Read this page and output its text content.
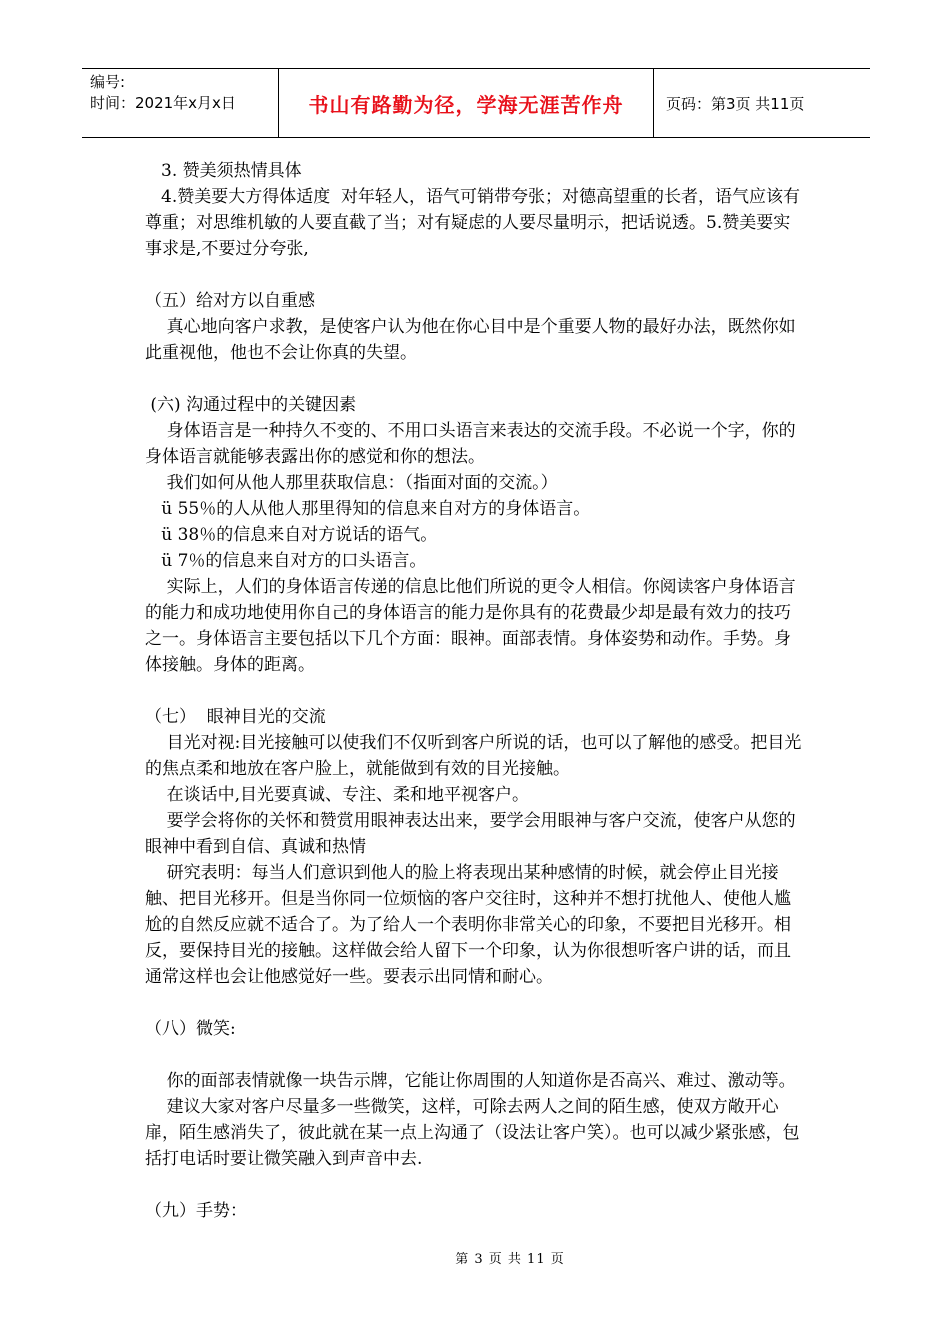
编号:
时间：2021年x月x日	书山有路勤为径，学海无涯苦作舟	页码：第3页 共11页

3. 赞美须热情具体

4.赞美要大方得体适度  对年轻人，语气可销带夸张；对德高望重的长者，语气应该有尊重；对思维机敏的人要直截了当；对有疑虑的人要尽量明示，把话说透。5.赞美要实事求是,不要过分夸张,

（五）给对方以自重感

真心地向客户求教，是使客户认为他在你心目中是个重要人物的最好办法，既然你如此重视他，他也不会让你真的失望。

(六) 沟通过程中的关键因素

身体语言是一种持久不变的、不用口头语言来表达的交流手段。不必说一个字，你的身体语言就能够表露出你的感觉和你的想法。

我们如何从他人那里获取信息：（指面对面的交流。）

ü 55％的人从他人那里得知的信息来自对方的身体语言。

ü 38％的信息来自对方说话的语气。

ü 7％的信息来自对方的口头语言。

实际上，人们的身体语言传递的信息比他们所说的更令人相信。你阅读客户身体语言的能力和成功地使用你自己的身体语言的能力是你具有的花费最少却是最有效力的技巧之一。身体语言主要包括以下几个方面：眼神。面部表情。身体姿势和动作。手势。身体接触。身体的距离。

（七）  眼神目光的交流

目光对视:目光接触可以使我们不仅听到客户所说的话，也可以了解他的感受。把目光的焦点柔和地放在客户脸上，就能做到有效的目光接触。

在谈话中,目光要真诚、专注、柔和地平视客户。

要学会将你的关怀和赞赏用眼神表达出来，要学会用眼神与客户交流，使客户从您的眼神中看到自信、真诚和热情

研究表明：每当人们意识到他人的脸上将表现出某种感情的时候，就会停止目光接触、把目光移开。但是当你同一位烦恼的客户交往时，这种并不想打扰他人、使他人尴尬的自然反应就不适合了。为了给人一个表明你非常关心的印象，不要把目光移开。相反，要保持目光的接触。这样做会给人留下一个印象，认为你很想听客户讲的话，而且通常这样也会让他感觉好一些。要表示出同情和耐心。

（八）微笑:

你的面部表情就像一块告示牌，它能让你周围的人知道你是否高兴、难过、激动等。

建议大家对客户尽量多一些微笑，这样，可除去两人之间的陌生感，使双方敞开心扉，陌生感消失了，彼此就在某一点上沟通了（设法让客户笑）。也可以减少紧张感，包括打电话时要让微笑融入到声音中去.

（九）手势：

第 3 页 共 11 页
